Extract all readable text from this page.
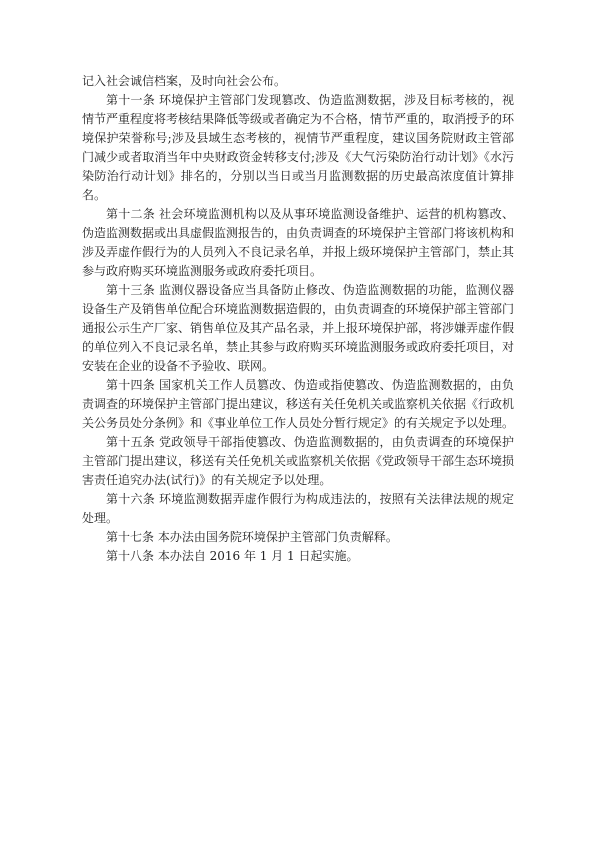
记入社会诚信档案，及时向社会公布。

第十一条 环境保护主管部门发现篡改、伪造监测数据，涉及目标考核的，视情节严重程度将考核结果降低等级或者确定为不合格，情节严重的，取消授予的环境保护荣誉称号;涉及县域生态考核的，视情节严重程度，建议国务院财政主管部门减少或者取消当年中央财政资金转移支付;涉及《大气污染防治行动计划》《水污染防治行动计划》排名的，分别以当日或当月监测数据的历史最高浓度值计算排名。

第十二条 社会环境监测机构以及从事环境监测设备维护、运营的机构篡改、伪造监测数据或出具虚假监测报告的，由负责调查的环境保护主管部门将该机构和涉及弄虚作假行为的人员列入不良记录名单，并报上级环境保护主管部门，禁止其参与政府购买环境监测服务或政府委托项目。

第十三条 监测仪器设备应当具备防止修改、伪造监测数据的功能，监测仪器设备生产及销售单位配合环境监测数据造假的，由负责调查的环境保护部主管部门通报公示生产厂家、销售单位及其产品名录，并上报环境保护部，将涉嫌弄虚作假的单位列入不良记录名单，禁止其参与政府购买环境监测服务或政府委托项目，对安装在企业的设备不予验收、联网。

第十四条 国家机关工作人员篡改、伪造或指使篡改、伪造监测数据的，由负责调查的环境保护主管部门提出建议，移送有关任免机关或监察机关依据《行政机关公务员处分条例》和《事业单位工作人员处分暂行规定》的有关规定予以处理。

第十五条 党政领导干部指使篡改、伪造监测数据的，由负责调查的环境保护主管部门提出建议，移送有关任免机关或监察机关依据《党政领导干部生态环境损害责任追究办法(试行)》的有关规定予以处理。

第十六条 环境监测数据弄虚作假行为构成违法的，按照有关法律法规的规定处理。

第十七条 本办法由国务院环境保护主管部门负责解释。

第十八条 本办法自 2016 年 1 月 1 日起实施。
